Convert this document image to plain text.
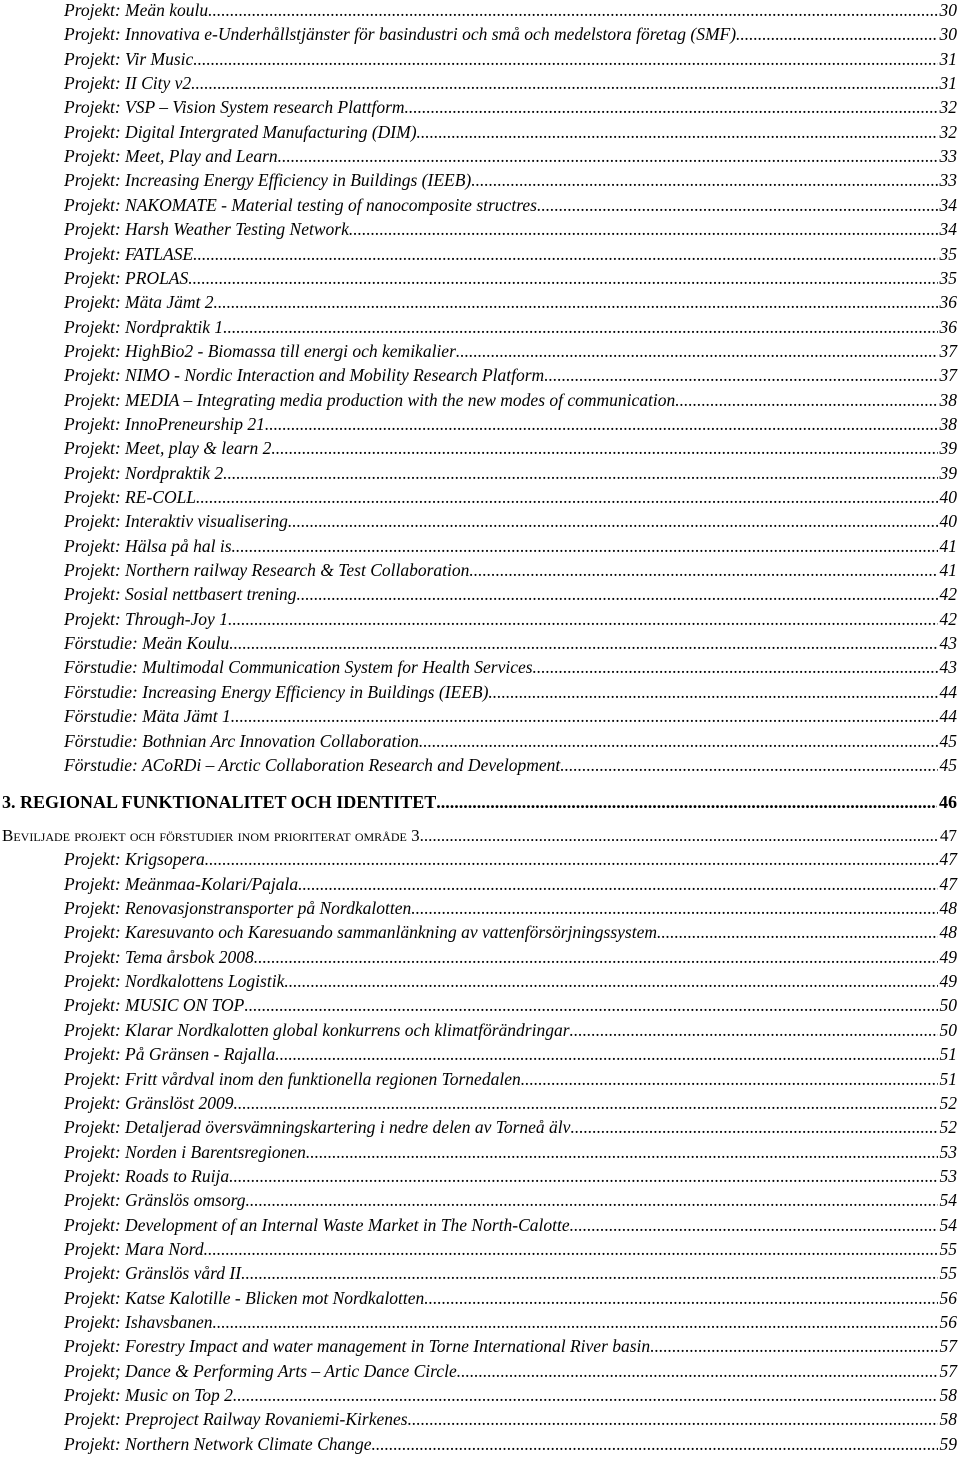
Projekt: Meän koulu .....	30
Projekt: Innovativa e-Underhållstjänster för basindustri och små och medelstora företag (SMF) .....	30
Projekt: Vir Music .....	31
Projekt: II City v2 .....	31
Projekt: VSP – Vision System research Plattform .....	32
Projekt: Digital Intergrated Manufacturing (DIM) .....	32
Projekt: Meet, Play and Learn .....	33
Projekt: Increasing Energy Efficiency in Buildings (IEEB) .....	33
Projekt: NAKOMATE - Material testing of nanocomposite structres .....	34
Projekt: Harsh Weather Testing Network .....	34
Projekt: FATLASE .....	35
Projekt: PROLAS .....	35
Projekt: Mäta Jämt 2 .....	36
Projekt: Nordpraktik 1 .....	36
Projekt: HighBio2 - Biomassa till energi och kemikalier .....	37
Projekt: NIMO - Nordic Interaction and Mobility Research Platform .....	37
Projekt: MEDIA – Integrating media production with the new modes of communication .....	38
Projekt: InnoPreneurship 21 .....	38
Projekt: Meet, play & learn 2 .....	39
Projekt: Nordpraktik 2 .....	39
Projekt: RE-COLL .....	40
Projekt: Interaktiv visualisering .....	40
Projekt: Hälsa på hal is .....	41
Projekt: Northern railway Research & Test Collaboration .....	41
Projekt: Sosial nettbasert trening .....	42
Projekt: Through-Joy 1 .....	42
Förstudie: Meän Koulu .....	43
Förstudie: Multimodal Communication System for Health Services .....	43
Förstudie: Increasing Energy Efficiency in Buildings (IEEB) .....	44
Förstudie: Mäta Jämt 1 .....	44
Förstudie: Bothnian Arc Innovation Collaboration .....	45
Förstudie: ACoRDi – Arctic Collaboration Research and Development .....	45
3. REGIONAL FUNKTIONALITET OCH IDENTITET .....	46
Beviljade projekt och förstudier inom prioriterat område 3. .....	47
Projekt: Krigsopera .....	47
Projekt: Meänmaa-Kolari/Pajala .....	47
Projekt: Renovasjonstransporter på Nordkalotten .....	48
Projekt: Karesuvanto och Karesuando sammanlänkning av vattenförsörjningssystem .....	48
Projekt: Tema årsbok 2008 .....	49
Projekt: Nordkalottens Logistik .....	49
Projekt: MUSIC ON TOP .....	50
Projekt: Klarar Nordkalotten global konkurrens och klimatförändringar .....	50
Projekt: På Gränsen - Rajalla .....	51
Projekt: Fritt vårdval inom den funktionella regionen Tornedalen .....	51
Projekt: Gränslöst 2009 .....	52
Projekt: Detaljerad översvämningskartering i nedre delen av Torneå älv .....	52
Projekt: Norden i Barentsregionen .....	53
Projekt: Roads to Ruija .....	53
Projekt: Gränslös omsorg .....	54
Projekt: Development of an Internal Waste Market in The North-Calotte .....	54
Projekt: Mara Nord .....	55
Projekt: Gränslös vård II .....	55
Projekt: Katse Kalotille - Blicken mot Nordkalotten .....	56
Projekt: Ishavsbanen .....	56
Projekt: Forestry Impact and water management in Torne International River basin .....	57
Projekt; Dance & Performing Arts – Artic Dance Circle .....	57
Projekt: Music on Top 2 .....	58
Projekt: Preproject Railway Rovaniemi-Kirkenes .....	58
Projekt: Northern Network Climate Change .....	59
